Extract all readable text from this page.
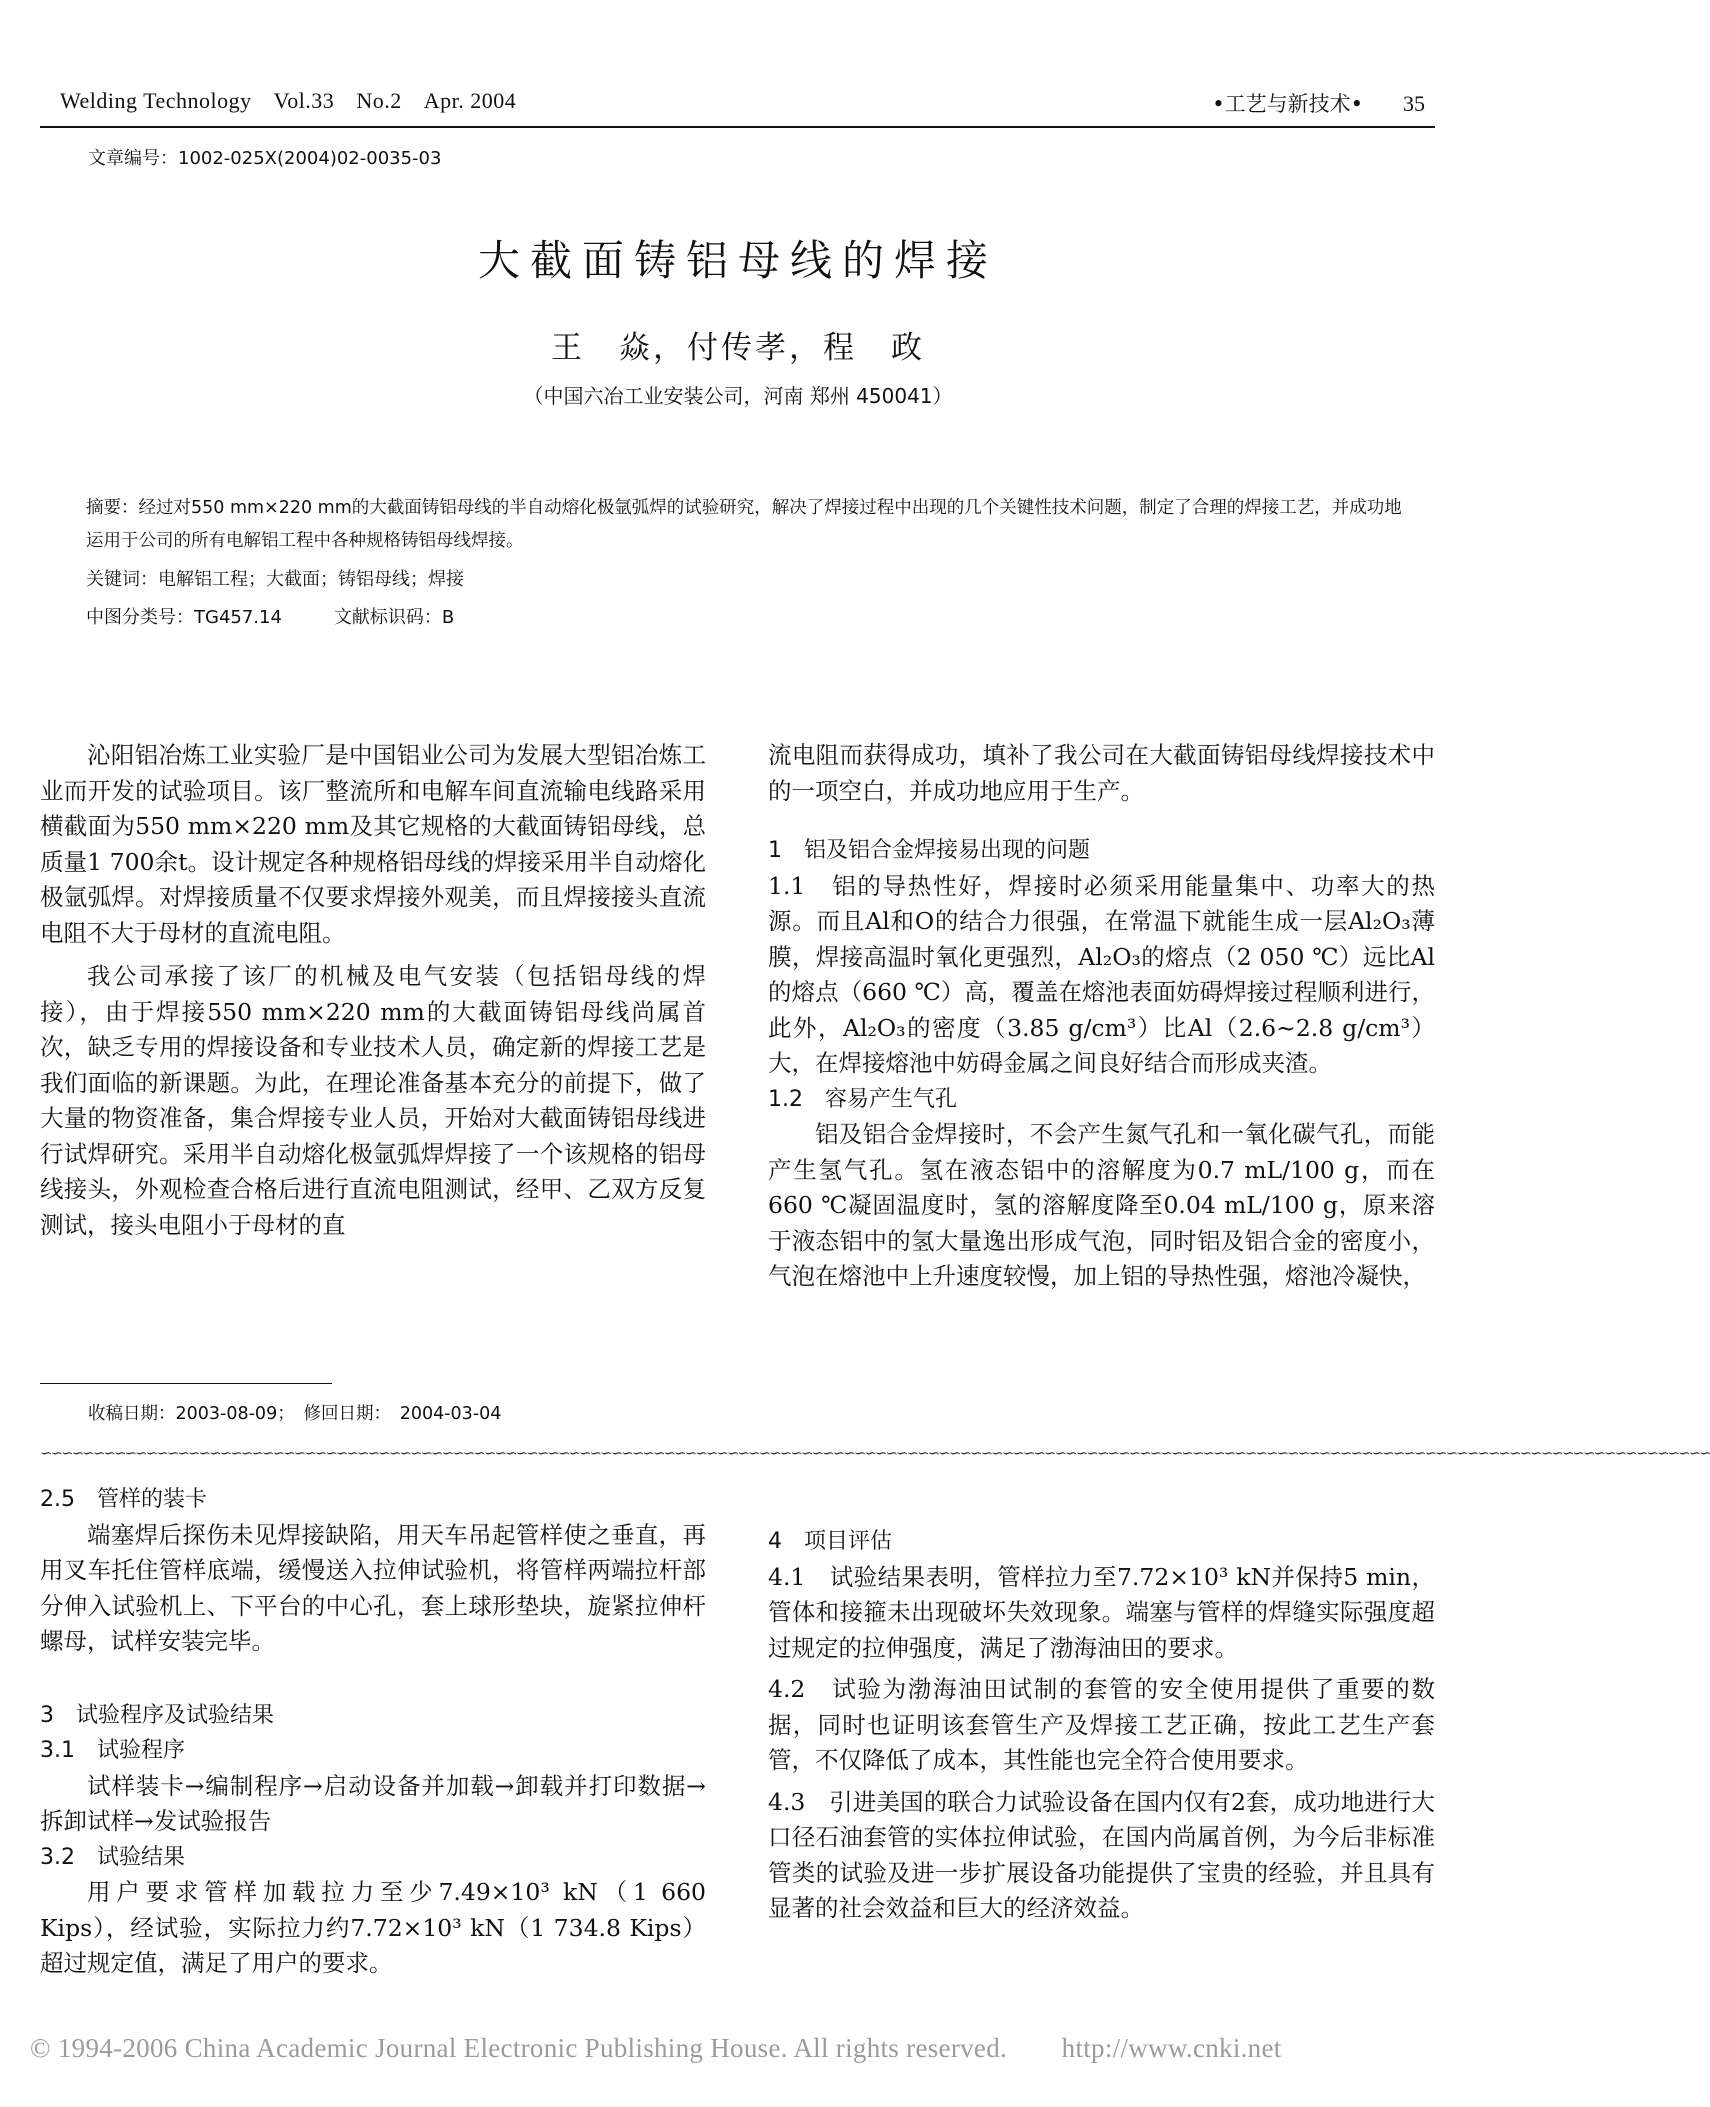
Welding Technology Vol.33 No.2 Apr. 2004	•工艺与新技术• 35
文章编号：1002-025X(2004)02-0035-03
大截面铸铝母线的焊接
王　焱，付传孝，程　政
（中国六冶工业安装公司，河南 郑州 450041）
摘要：经过对550 mm×220 mm的大截面铸铝母线的半自动熔化极氩弧焊的试验研究，解决了焊接过程中出现的几个关键性技术问题，制定了合理的焊接工艺，并成功地运用于公司的所有电解铝工程中各种规格铸铝母线焊接。
关键词：电解铝工程；大截面；铸铝母线；焊接
中图分类号：TG457.14	文献标识码：B

沁阳铝冶炼工业实验厂是中国铝业公司为发展大型铝冶炼工业而开发的试验项目。该厂整流所和电解车间直流输电线路采用横截面为550 mm×220 mm及其它规格的大截面铸铝母线，总质量1 700余t。设计规定各种规格铝母线的焊接采用半自动熔化极氩弧焊。对焊接质量不仅要求焊接外观美，而且焊接接头直流电阻不大于母材的直流电阻。

我公司承接了该厂的机械及电气安装（包括铝母线的焊接），由于焊接550 mm×220 mm的大截面铸铝母线尚属首次，缺乏专用的焊接设备和专业技术人员，确定新的焊接工艺是我们面临的新课题。为此，在理论准备基本充分的前提下，做了大量的物资准备，集合焊接专业人员，开始对大截面铸铝母线进行试焊研究。采用半自动熔化极氩弧焊焊接了一个该规格的铝母线接头，外观检查合格后进行直流电阻测试，经甲、乙双方反复测试，接头电阻小于母材的直

流电阻而获得成功，填补了我公司在大截面铸铝母线焊接技术中的一项空白，并成功地应用于生产。

1　铝及铝合金焊接易出现的问题

1.1　铝的导热性好，焊接时必须采用能量集中、功率大的热源。而且Al和O的结合力很强，在常温下就能生成一层Al₂O₃薄膜，焊接高温时氧化更强烈，Al₂O₃的熔点（2 050 ℃）远比Al的熔点（660 ℃）高，覆盖在熔池表面妨碍焊接过程顺利进行，此外，Al₂O₃的密度（3.85 g/cm³）比Al（2.6~2.8 g/cm³）大，在焊接熔池中妨碍金属之间良好结合而形成夹渣。

1.2　容易产生气孔

铝及铝合金焊接时，不会产生氮气孔和一氧化碳气孔，而能产生氢气孔。氢在液态铝中的溶解度为0.7 mL/100 g，而在660 ℃凝固温度时，氢的溶解度降至0.04 mL/100 g，原来溶于液态铝中的氢大量逸出形成气泡，同时铝及铝合金的密度小，气泡在熔池中上升速度较慢，加上铝的导热性强，熔池冷凝快，

收稿日期：2003-08-09；　修回日期：　2004-03-04
∽∽∽∽∽∽∽∽∽∽∽∽∽∽∽∽∽∽∽∽∽∽∽∽∽∽∽∽∽∽∽∽∽∽∽∽∽∽∽∽∽∽∽∽∽∽∽∽∽∽∽∽∽∽∽∽∽∽∽∽∽∽∽∽∽∽∽∽∽∽∽∽∽∽∽∽∽∽∽∽∽∽∽∽∽∽∽∽∽∽∽∽∽∽∽∽∽∽∽∽∽∽∽∽∽∽∽∽∽∽∽∽∽∽∽∽∽∽∽∽∽∽∽∽∽∽∽∽∽∽∽∽∽∽∽∽∽∽∽∽∽∽∽∽∽∽∽∽∽∽∽∽∽∽∽∽∽∽

2.5　管样的装卡

端塞焊后探伤未见焊接缺陷，用天车吊起管样使之垂直，再用叉车托住管样底端，缓慢送入拉伸试验机，将管样两端拉杆部分伸入试验机上、下平台的中心孔，套上球形垫块，旋紧拉伸杆螺母，试样安装完毕。

3　试验程序及试验结果

3.1　试验程序

试样装卡→编制程序→启动设备并加载→卸载并打印数据→拆卸试样→发试验报告

3.2　试验结果

用户要求管样加载拉力至少7.49×10³ kN（1 660 Kips），经试验，实际拉力约7.72×10³ kN（1 734.8 Kips）超过规定值，满足了用户的要求。

4　项目评估

4.1　试验结果表明，管样拉力至7.72×10³ kN并保持5 min，管体和接箍未出现破坏失效现象。端塞与管样的焊缝实际强度超过规定的拉伸强度，满足了渤海油田的要求。

4.2　试验为渤海油田试制的套管的安全使用提供了重要的数据，同时也证明该套管生产及焊接工艺正确，按此工艺生产套管，不仅降低了成本，其性能也完全符合使用要求。

4.3　引进美国的联合力试验设备在国内仅有2套，成功地进行大口径石油套管的实体拉伸试验，在国内尚属首例，为今后非标准管类的试验及进一步扩展设备功能提供了宝贵的经验，并且具有显著的社会效益和巨大的经济效益。

© 1994-2006 China Academic Journal Electronic Publishing House. All rights reserved.　　http://www.cnki.net
